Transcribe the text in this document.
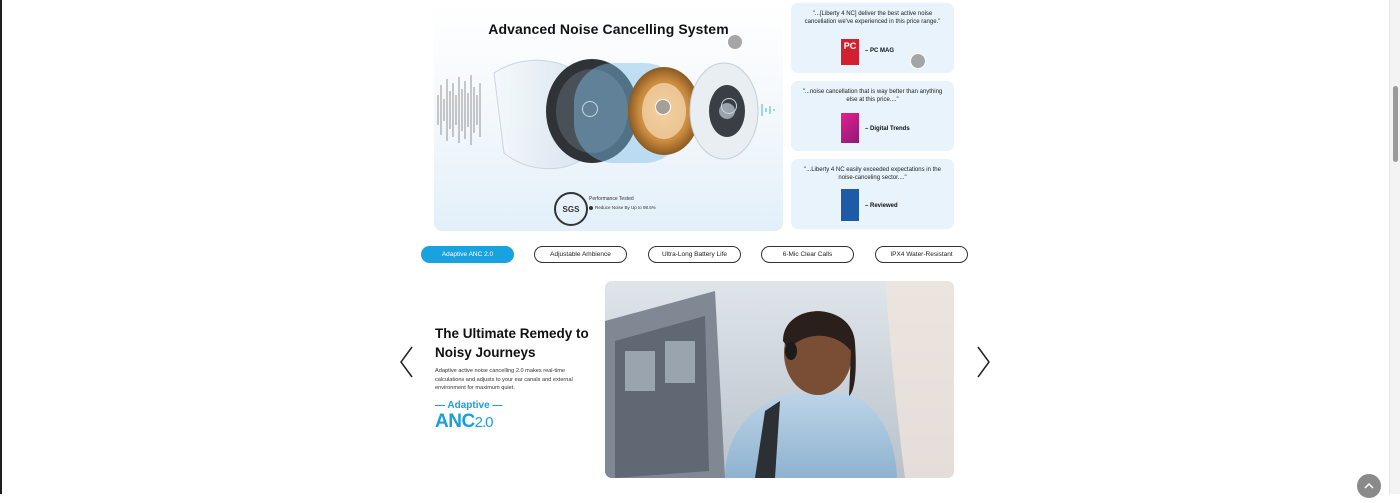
Advanced Noise Cancelling System
SGS
Performance Tested
Reduce Noise By Up to 98.5%
"...[Liberty 4 NC] deliver the best active noise cancellation we've experienced in this price range."
PC	– PC MAG
"...noise cancellation that is way better than anything else at this price...."
– Digital Trends
"...Liberty 4 NC easily exceeded expectations in the noise-canceling sector...."
– Reviewed
Adaptive ANC 2.0	Adjustable Ambience	Ultra-Long Battery Life	6-Mic Clear Calls	IPX4 Water-Resistant
The Ultimate Remedy to Noisy Journeys
Adaptive active noise cancelling 2.0 makes real-time calculations and adjusts to your ear canals and external environment for maximum quiet.
— Adaptive —
ANC2.0
